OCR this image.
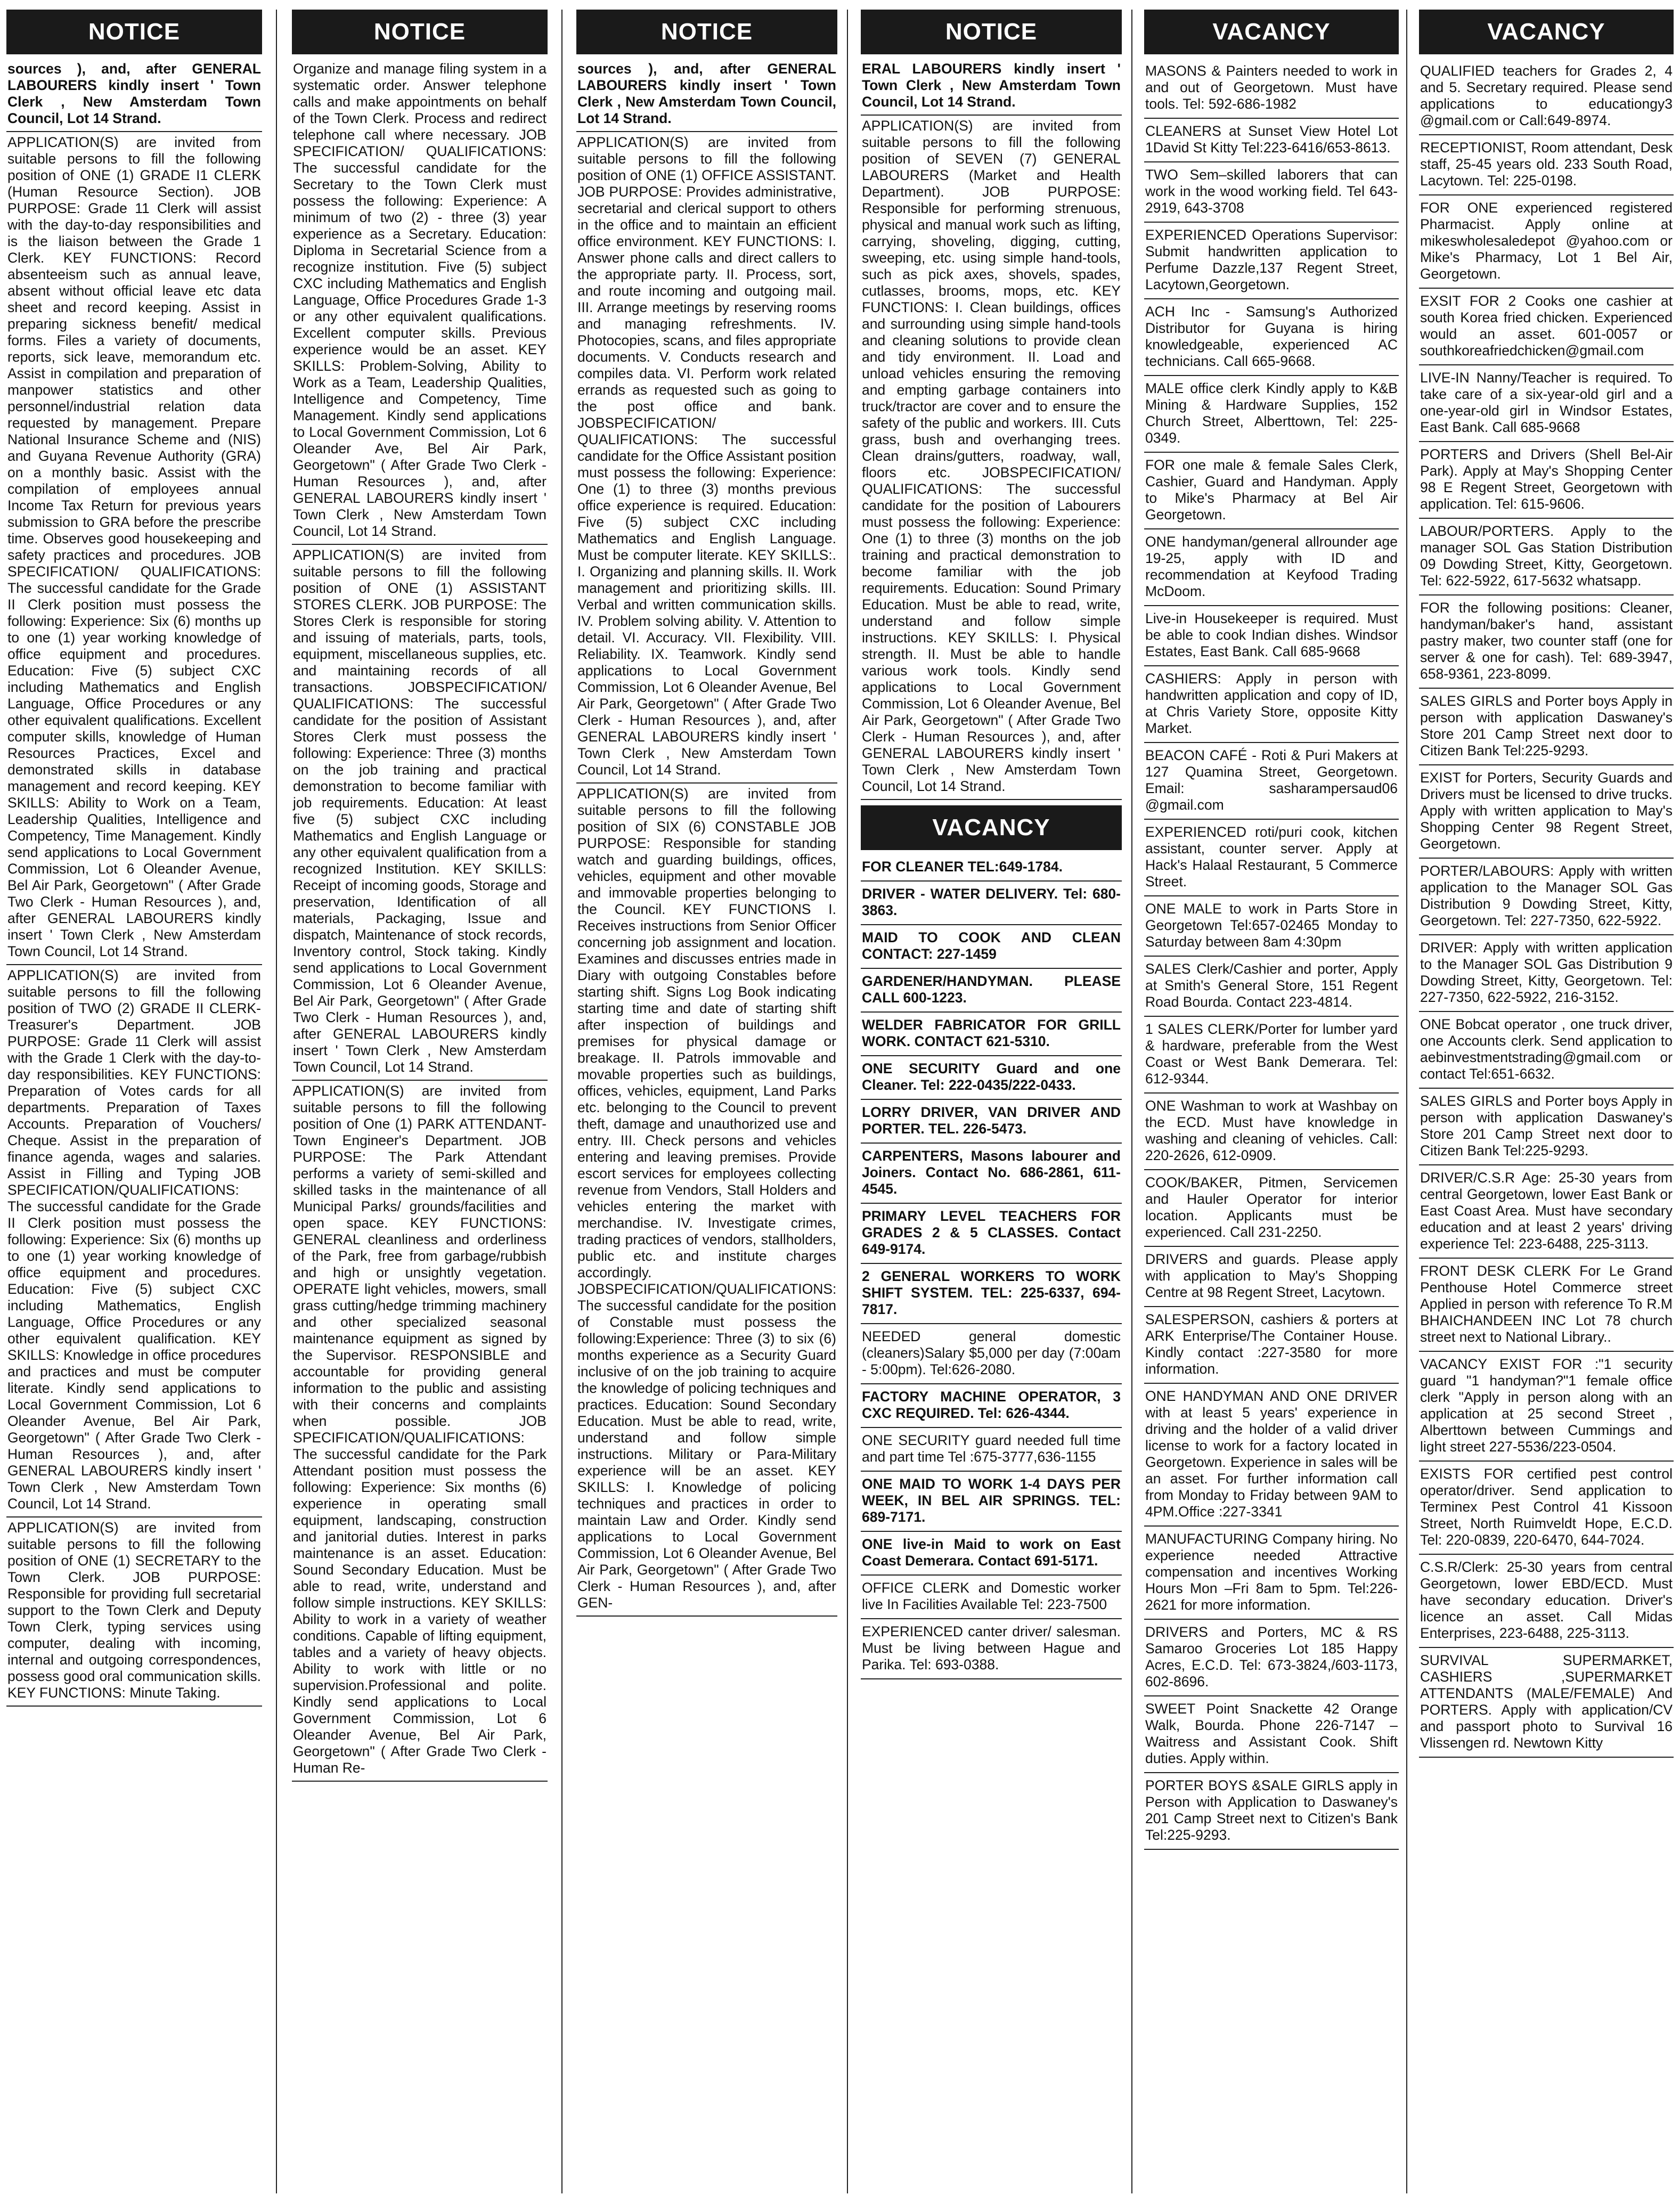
NOTICE

sources ), and, after GENERAL LABOURERS kindly insert ' Town Clerk , New Amsterdam Town Council, Lot 14 Strand.

APPLICATION(S) are invited from suitable persons to fill the following position of ONE (1) GRADE I1 CLERK (Human Resource Section). JOB PURPOSE: Grade 11 Clerk will assist with the day-to-day responsibilities and is the liaison between the Grade 1 Clerk. KEY FUNCTIONS: Record absenteeism such as annual leave, absent without official leave etc data sheet and record keeping. Assist in preparing sickness benefit/ medical forms. Files a variety of documents, reports, sick leave, memorandum etc. Assist in compilation and preparation of manpower statistics and other personnel/industrial relation data requested by management. Prepare National Insurance Scheme and (NIS) and Guyana Revenue Authority (GRA) on a monthly basic. Assist with the compilation of employees annual Income Tax Return for previous years submission to GRA before the prescribe time. Observes good housekeeping and safety practices and procedures. JOB SPECIFICATION/ QUALIFICATIONS: The successful candidate for the Grade II Clerk position must possess the following: Experience: Six (6) months up to one (1) year working knowledge of office equipment and procedures. Education: Five (5) subject CXC including Mathematics and English Language, Office Procedures or any other equivalent qualifications. Excellent computer skills, knowledge of Human Resources Practices, Excel and demonstrated skills in database management and record keeping. KEY SKILLS: Ability to Work on a Team, Leadership Qualities, Intelligence and Competency, Time Management. Kindly send applications to Local Government Commission, Lot 6 Oleander Avenue, Bel Air Park, Georgetown" ( After Grade Two Clerk - Human Resources ), and, after GENERAL LABOURERS kindly insert ' Town Clerk , New Amsterdam Town Council, Lot 14 Strand.

APPLICATION(S) are invited from suitable persons to fill the following position of TWO (2) GRADE II CLERK- Treasurer's Department. JOB PURPOSE: Grade 11 Clerk will assist with the Grade 1 Clerk with the day-to-day responsibilities. KEY FUNCTIONS: Preparation of Votes cards for all departments. Preparation of Taxes Accounts. Preparation of Vouchers/ Cheque. Assist in the preparation of finance agenda, wages and salaries. Assist in Filling and Typing JOB SPECIFICATION/QUALIFICATIONS: The successful candidate for the Grade II Clerk position must possess the following: Experience: Six (6) months up to one (1) year working knowledge of office equipment and procedures. Education: Five (5) subject CXC including Mathematics, English Language, Office Procedures or any other equivalent qualification. KEY SKILLS: Knowledge in office procedures and practices and must be computer literate. Kindly send applications to Local Government Commission, Lot 6 Oleander Avenue, Bel Air Park, Georgetown" ( After Grade Two Clerk - Human Resources ), and, after GENERAL LABOURERS kindly insert ' Town Clerk , New Amsterdam Town Council, Lot 14 Strand.

APPLICATION(S) are invited from suitable persons to fill the following position of ONE (1) SECRETARY to the Town Clerk. JOB PURPOSE: Responsible for providing full secretarial support to the Town Clerk and Deputy Town Clerk, typing services using computer, dealing with incoming, internal and outgoing correspondences, possess good oral communication skills. KEY FUNCTIONS: Minute Taking.

NOTICE

Organize and manage filing system in a systematic order. Answer telephone calls and make appointments on behalf of the Town Clerk. Process and redirect telephone call where necessary. JOB SPECIFICATION/ QUALIFICATIONS: The successful candidate for the Secretary to the Town Clerk must possess the following: Experience: A minimum of two (2) - three (3) year experience as a Secretary. Education: Diploma in Secretarial Science from a recognize institution. Five (5) subject CXC including Mathematics and English Language, Office Procedures Grade 1-3 or any other equivalent qualifications. Excellent computer skills. Previous experience would be an asset. KEY SKILLS: Problem-Solving, Ability to Work as a Team, Leadership Qualities, Intelligence and Competency, Time Management. Kindly send applications to Local Government Commission, Lot 6 Oleander Ave, Bel Air Park, Georgetown" ( After Grade Two Clerk - Human Resources ), and, after GENERAL LABOURERS kindly insert ' Town Clerk , New Amsterdam Town Council, Lot 14 Strand.

APPLICATION(S) are invited from suitable persons to fill the following position of ONE (1) ASSISTANT STORES CLERK. JOB PURPOSE: The Stores Clerk is responsible for storing and issuing of materials, parts, tools, equipment, miscellaneous supplies, etc. and maintaining records of all transactions. JOBSPECIFICATION/ QUALIFICATIONS: The successful candidate for the position of Assistant Stores Clerk must possess the following: Experience: Three (3) months on the job training and practical demonstration to become familiar with job requirements. Education: At least five (5) subject CXC including Mathematics and English Language or any other equivalent qualification from a recognized Institution. KEY SKILLS: Receipt of incoming goods, Storage and preservation, Identification of all materials, Packaging, Issue and dispatch, Maintenance of stock records, Inventory control, Stock taking. Kindly send applications to Local Government Commission, Lot 6 Oleander Avenue, Bel Air Park, Georgetown" ( After Grade Two Clerk - Human Resources ), and, after GENERAL LABOURERS kindly insert ' Town Clerk , New Amsterdam Town Council, Lot 14 Strand.

APPLICATION(S) are invited from suitable persons to fill the following position of One (1) PARK ATTENDANT- Town Engineer's Department. JOB PURPOSE: The Park Attendant performs a variety of semi-skilled and skilled tasks in the maintenance of all Municipal Parks/ grounds/facilities and open space. KEY FUNCTIONS: GENERAL cleanliness and orderliness of the Park, free from garbage/rubbish and high or unsightly vegetation. OPERATE light vehicles, mowers, small grass cutting/hedge trimming machinery and other specialized seasonal maintenance equipment as signed by the Supervisor. RESPONSIBLE and accountable for providing general information to the public and assisting with their concerns and complaints when possible. JOB SPECIFICATION/QUALIFICATIONS: The successful candidate for the Park Attendant position must possess the following: Experience: Six months (6) experience in operating small equipment, landscaping, construction and janitorial duties. Interest in parks maintenance is an asset. Education: Sound Secondary Education. Must be able to read, write, understand and follow simple instructions. KEY SKILLS: Ability to work in a variety of weather conditions. Capable of lifting equipment, tables and a variety of heavy objects. Ability to work with little or no supervision.Professional and polite. Kindly send applications to Local Government Commission, Lot 6 Oleander Avenue, Bel Air Park, Georgetown" ( After Grade Two Clerk - Human Re-

NOTICE

sources ), and, after GENERAL LABOURERS kindly insert ' Town Clerk , New Amsterdam Town Council, Lot 14 Strand.

APPLICATION(S) are invited from suitable persons to fill the following position of ONE (1) OFFICE ASSISTANT. JOB PURPOSE: Provides administrative, secretarial and clerical support to others in the office and to maintain an efficient office environment. KEY FUNCTIONS: I. Answer phone calls and direct callers to the appropriate party. II. Process, sort, and route incoming and outgoing mail. III. Arrange meetings by reserving rooms and managing refreshments. IV. Photocopies, scans, and files appropriate documents. V. Conducts research and compiles data. VI. Perform work related errands as requested such as going to the post office and bank. JOBSPECIFICATION/ QUALIFICATIONS: The successful candidate for the Office Assistant position must possess the following: Experience: One (1) to three (3) months previous office experience is required. Education: Five (5) subject CXC including Mathematics and English Language. Must be computer literate. KEY SKILLS:. I. Organizing and planning skills. II. Work management and prioritizing skills. III. Verbal and written communication skills. IV. Problem solving ability. V. Attention to detail. VI. Accuracy. VII. Flexibility. VIII. Reliability. IX. Teamwork. Kindly send applications to Local Government Commission, Lot 6 Oleander Avenue, Bel Air Park, Georgetown" ( After Grade Two Clerk - Human Resources ), and, after GENERAL LABOURERS kindly insert ' Town Clerk , New Amsterdam Town Council, Lot 14 Strand.

APPLICATION(S) are invited from suitable persons to fill the following position of SIX (6) CONSTABLE JOB PURPOSE: Responsible for standing watch and guarding buildings, offices, vehicles, equipment and other movable and immovable properties belonging to the Council. KEY FUNCTIONS I. Receives instructions from Senior Officer concerning job assignment and location. Examines and discusses entries made in Diary with outgoing Constables before starting shift. Signs Log Book indicating starting time and date of starting shift after inspection of buildings and premises for physical damage or breakage. II. Patrols immovable and movable properties such as buildings, offices, vehicles, equipment, Land Parks etc. belonging to the Council to prevent theft, damage and unauthorized use and entry. III. Check persons and vehicles entering and leaving premises. Provide escort services for employees collecting revenue from Vendors, Stall Holders and vehicles entering the market with merchandise. IV. Investigate crimes, trading practices of vendors, stallholders, public etc. and institute charges accordingly. JOBSPECIFICATION/QUALIFICATIONS: The successful candidate for the position of Constable must possess the following:Experience: Three (3) to six (6) months experience as a Security Guard inclusive of on the job training to acquire the knowledge of policing techniques and practices. Education: Sound Secondary Education. Must be able to read, write, understand and follow simple instructions. Military or Para-Military experience will be an asset. KEY SKILLS: I. Knowledge of policing techniques and practices in order to maintain Law and Order. Kindly send applications to Local Government Commission, Lot 6 Oleander Avenue, Bel Air Park, Georgetown" ( After Grade Two Clerk - Human Resources ), and, after GEN-

NOTICE

ERAL LABOURERS kindly insert ' Town Clerk , New Amsterdam Town Council, Lot 14 Strand.

APPLICATION(S) are invited from suitable persons to fill the following position of SEVEN (7) GENERAL LABOURERS (Market and Health Department). JOB PURPOSE: Responsible for performing strenuous, physical and manual work such as lifting, carrying, shoveling, digging, cutting, sweeping, etc. using simple hand-tools, such as pick axes, shovels, spades, cutlasses, brooms, mops, etc. KEY FUNCTIONS: I. Clean buildings, offices and surrounding using simple hand-tools and cleaning solutions to provide clean and tidy environment. II. Load and unload vehicles ensuring the removing and empting garbage containers into truck/tractor are cover and to ensure the safety of the public and workers. III. Cuts grass, bush and overhanging trees. Clean drains/gutters, roadway, wall, floors etc. JOBSPECIFICATION/ QUALIFICATIONS: The successful candidate for the position of Labourers must possess the following: Experience: One (1) to three (3) months on the job training and practical demonstration to become familiar with the job requirements. Education: Sound Primary Education. Must be able to read, write, understand and follow simple instructions. KEY SKILLS: I. Physical strength. II. Must be able to handle various work tools. Kindly send applications to Local Government Commission, Lot 6 Oleander Avenue, Bel Air Park, Georgetown" ( After Grade Two Clerk - Human Resources ), and, after GENERAL LABOURERS kindly insert ' Town Clerk , New Amsterdam Town Council, Lot 14 Strand.

VACANCY

FOR CLEANER TEL:649-1784.

DRIVER - WATER DELIVERY. Tel: 680-3863.

MAID TO COOK AND CLEAN CONTACT: 227-1459

GARDENER/HANDYMAN. PLEASE CALL 600-1223.

WELDER FABRICATOR FOR GRILL WORK. CONTACT 621-5310.

ONE SECURITY Guard and one Cleaner. Tel: 222-0435/222-0433.

LORRY DRIVER, VAN DRIVER AND PORTER. TEL. 226-5473.

CARPENTERS, Masons labourer and Joiners. Contact No. 686-2861, 611-4545.

PRIMARY LEVEL TEACHERS FOR GRADES 2 & 5 CLASSES. Contact 649-9174.

2 GENERAL WORKERS TO WORK SHIFT SYSTEM. TEL: 225-6337, 694-7817.

NEEDED general domestic (cleaners)Salary $5,000 per day (7:00am - 5:00pm). Tel:626-2080.

FACTORY MACHINE OPERATOR, 3 CXC REQUIRED. Tel: 626-4344.

ONE SECURITY guard needed full time and part time Tel :675-3777,636-1155

ONE MAID TO WORK 1-4 DAYS PER WEEK, IN BEL AIR SPRINGS. TEL: 689-7171.

ONE live-in Maid to work on East Coast Demerara. Contact 691-5171.

OFFICE CLERK and Domestic worker live In Facilities Available Tel: 223-7500

EXPERIENCED canter driver/ salesman. Must be living between Hague and Parika. Tel: 693-0388.

VACANCY

MASONS & Painters needed to work in and out of Georgetown. Must have tools. Tel: 592-686-1982

CLEANERS at Sunset View Hotel Lot 1David St Kitty Tel:223-6416/653-8613.

TWO Sem–skilled laborers that can work in the wood working field. Tel 643-2919, 643-3708

EXPERIENCED Operations Supervisor: Submit handwritten application to Perfume Dazzle,137 Regent Street, Lacytown,Georgetown.

ACH Inc - Samsung's Authorized Distributor for Guyana is hiring knowledgeable, experienced AC technicians. Call 665-9668.

MALE office clerk Kindly apply to K&B Mining & Hardware Supplies, 152 Church Street, Alberttown, Tel: 225-0349.

FOR one male & female Sales Clerk, Cashier, Guard and Handyman. Apply to Mike's Pharmacy at Bel Air Georgetown.

ONE handyman/general allrounder age 19-25, apply with ID and recommendation at Keyfood Trading McDoom.

Live-in Housekeeper is required. Must be able to cook Indian dishes. Windsor Estates, East Bank. Call 685-9668

CASHIERS: Apply in person with handwritten application and copy of ID, at Chris Variety Store, opposite Kitty Market.

BEACON CAFÉ - Roti & Puri Makers at 127 Quamina Street, Georgetown. Email: sasharampersaud06 @gmail.com

EXPERIENCED roti/puri cook, kitchen assistant, counter server. Apply at Hack's Halaal Restaurant, 5 Commerce Street.

ONE MALE to work in Parts Store in Georgetown Tel:657-02465 Monday to Saturday between 8am 4:30pm

SALES Clerk/Cashier and porter, Apply at Smith's General Store, 151 Regent Road Bourda. Contact 223-4814.

1 SALES CLERK/Porter for lumber yard & hardware, preferable from the West Coast or West Bank Demerara. Tel: 612-9344.

ONE Washman to work at Washbay on the ECD. Must have knowledge in washing and cleaning of vehicles. Call: 220-2626, 612-0909.

COOK/BAKER, Pitmen, Servicemen and Hauler Operator for interior location. Applicants must be experienced. Call 231-2250.

DRIVERS and guards. Please apply with application to May's Shopping Centre at 98 Regent Street, Lacytown.

SALESPERSON, cashiers & porters at ARK Enterprise/The Container House. Kindly contact :227-3580 for more information.

ONE HANDYMAN AND ONE DRIVER with at least 5 years' experience in driving and the holder of a valid driver license to work for a factory located in Georgetown. Experience in sales will be an asset. For further information call from Monday to Friday between 9AM to 4PM.Office :227-3341

MANUFACTURING Company hiring. No experience needed Attractive compensation and incentives Working Hours Mon –Fri 8am to 5pm. Tel:226-2621 for more information.

DRIVERS and Porters, MC & RS Samaroo Groceries Lot 185 Happy Acres, E.C.D. Tel: 673-3824,/603-1173, 602-8696.

SWEET Point Snackette 42 Orange Walk, Bourda. Phone 226-7147 – Waitress and Assistant Cook. Shift duties. Apply within.

PORTER BOYS &SALE GIRLS apply in Person with Application to Daswaney's 201 Camp Street next to Citizen's Bank Tel:225-9293.

VACANCY

QUALIFIED teachers for Grades 2, 4 and 5. Secretary required. Please send applications to educationgy3 @gmail.com or Call:649-8974.

RECEPTIONIST, Room attendant, Desk staff, 25-45 years old. 233 South Road, Lacytown. Tel: 225-0198.

FOR ONE experienced registered Pharmacist. Apply online at mikeswholesaledepot @yahoo.com or Mike's Pharmacy, Lot 1 Bel Air, Georgetown.

EXSIT FOR 2 Cooks one cashier at south Korea fried chicken. Experienced would an asset. 601-0057 or southkoreafriedchicken@gmail.com

LIVE-IN Nanny/Teacher is required. To take care of a six-year-old girl and a one-year-old girl in Windsor Estates, East Bank. Call 685-9668

PORTERS and Drivers (Shell Bel-Air Park). Apply at May's Shopping Center 98 E Regent Street, Georgetown with application. Tel: 615-9606.

LABOUR/PORTERS. Apply to the manager SOL Gas Station Distribution 09 Dowding Street, Kitty, Georgetown. Tel: 622-5922, 617-5632 whatsapp.

FOR the following positions: Cleaner, handyman/baker's hand, assistant pastry maker, two counter staff (one for server & one for cash). Tel: 689-3947, 658-9361, 223-8099.

SALES GIRLS and Porter boys Apply in person with application Daswaney's Store 201 Camp Street next door to Citizen Bank Tel:225-9293.

EXIST for Porters, Security Guards and Drivers must be licensed to drive trucks. Apply with written application to May's Shopping Center 98 Regent Street, Georgetown.

PORTER/LABOURS: Apply with written application to the Manager SOL Gas Distribution 9 Dowding Street, Kitty, Georgetown. Tel: 227-7350, 622-5922.

DRIVER: Apply with written application to the Manager SOL Gas Distribution 9 Dowding Street, Kitty, Georgetown. Tel: 227-7350, 622-5922, 216-3152.

ONE Bobcat operator , one truck driver, one Accounts clerk. Send application to aebinvestmentstrading@gmail.com or contact Tel:651-6632.

SALES GIRLS and Porter boys Apply in person with application Daswaney's Store 201 Camp Street next door to Citizen Bank Tel:225-9293.

DRIVER/C.S.R Age: 25-30 years from central Georgetown, lower East Bank or East Coast Area. Must have secondary education and at least 2 years' driving experience Tel: 223-6488, 225-3113.

FRONT DESK CLERK For Le Grand Penthouse Hotel Commerce street Applied in person with reference To R.M BHAICHANDEEN INC Lot 78 church street next to National Library..

VACANCY EXIST FOR :"1 security guard "1 handyman?"1 female office clerk "Apply in person along with an application at 25 second Street , Alberttown between Cummings and light street 227-5536/223-0504.

EXISTS FOR certified pest control operator/driver. Send application to Terminex Pest Control 41 Kissoon Street, North Ruimveldt Hope, E.C.D. Tel: 220-0839, 220-6470, 644-7024.

C.S.R/Clerk: 25-30 years from central Georgetown, lower EBD/ECD. Must have secondary education. Driver's licence an asset. Call Midas Enterprises, 223-6488, 225-3113.

SURVIVAL SUPERMARKET, CASHIERS ,SUPERMARKET ATTENDANTS (MALE/FEMALE) And PORTERS. Apply with application/CV and passport photo to Survival 16 Vlissengen rd. Newtown Kitty
